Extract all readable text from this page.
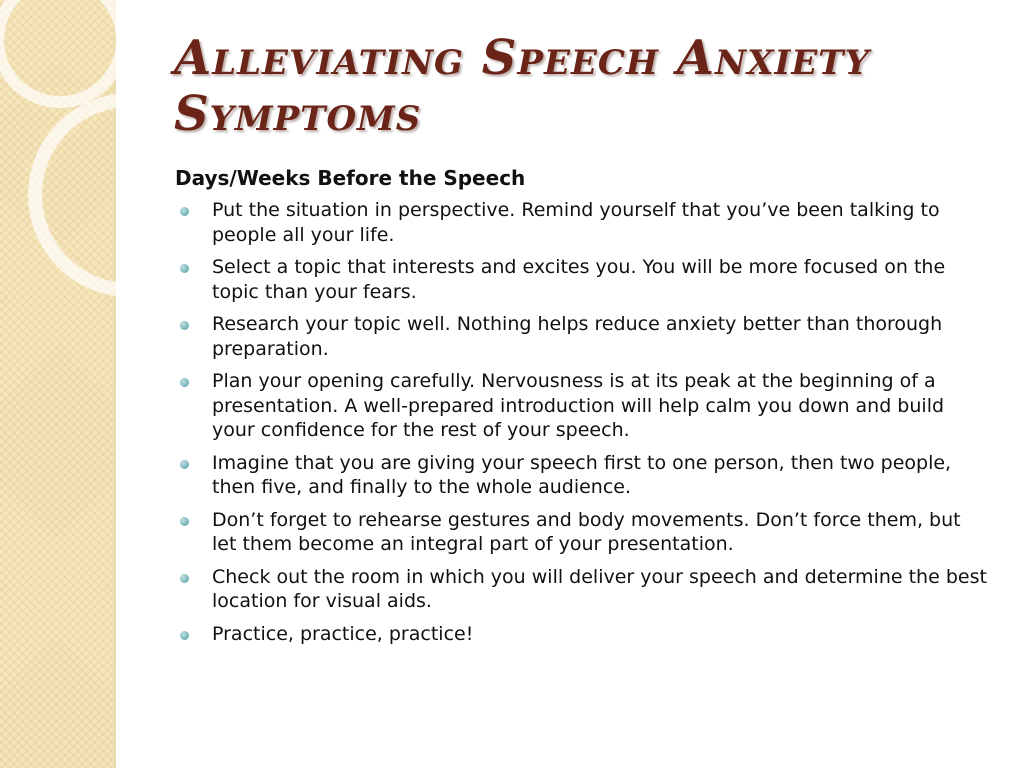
Alleviating Speech Anxiety Symptoms

Days/Weeks Before the Speech

Put the situation in perspective. Remind yourself that you’ve been talking to people all your life.
Select a topic that interests and excites you. You will be more focused on the topic than your fears.
Research your topic well. Nothing helps reduce anxiety better than thorough preparation.
Plan your opening carefully. Nervousness is at its peak at the beginning of a presentation. A well-prepared introduction will help calm you down and build your confidence for the rest of your speech.
Imagine that you are giving your speech first to one person, then two people, then five, and finally to the whole audience.
Don’t forget to rehearse gestures and body movements. Don’t force them, but let them become an integral part of your presentation.
Check out the room in which you will deliver your speech and determine the best location for visual aids.
Practice, practice, practice!
